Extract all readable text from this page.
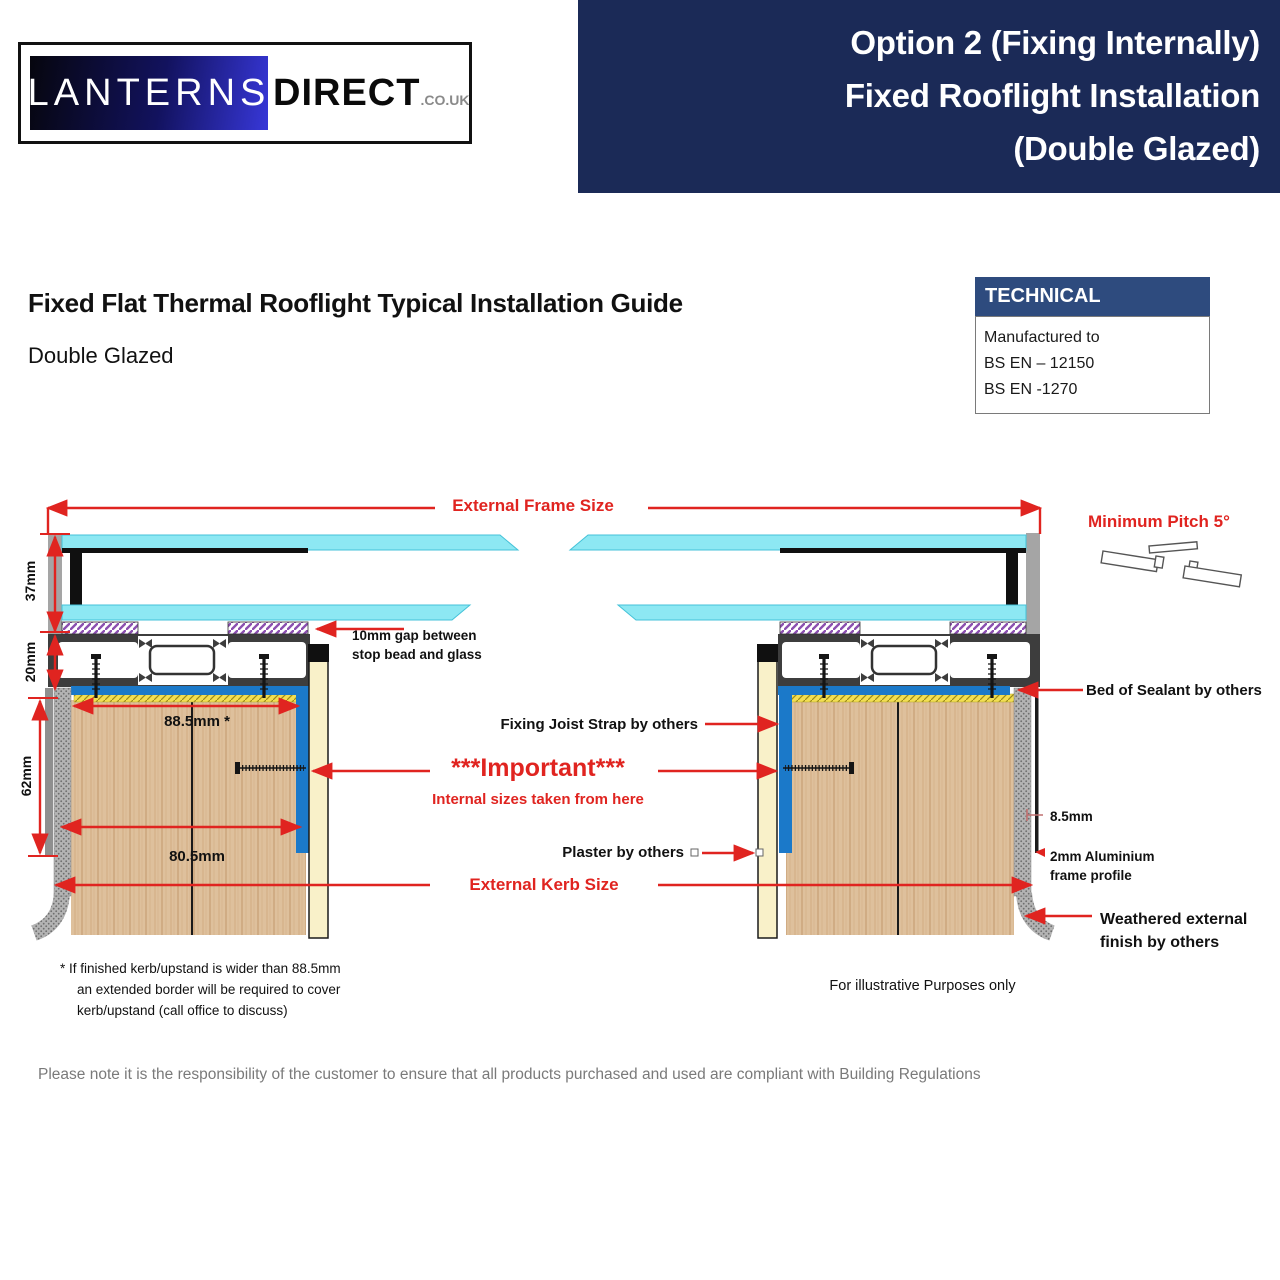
LANTERNS DIRECT .CO.UK
Option 2 (Fixing Internally)
Fixed Rooflight Installation
(Double Glazed)
Fixed Flat Thermal Rooflight Typical Installation Guide
Double Glazed
TECHNICAL
Manufactured to
BS EN – 12150
BS EN -1270
External Frame Size
Minimum Pitch 5°
37mm
20mm
62mm
10mm gap between
stop bead and glass
88.5mm *
80.5mm
Fixing Joist Strap by others
***Important***
Internal sizes taken from here
Plaster by others
External Kerb Size
Bed of Sealant by others
8.5mm
2mm Aluminium
frame profile
Weathered external
finish by others
For illustrative Purposes only
* If finished kerb/upstand is wider than 88.5mm
an extended border will be required to cover
kerb/upstand (call office to discuss)
Please note it is the responsibility of the customer to ensure that all products purchased and used are compliant with Building Regulations
